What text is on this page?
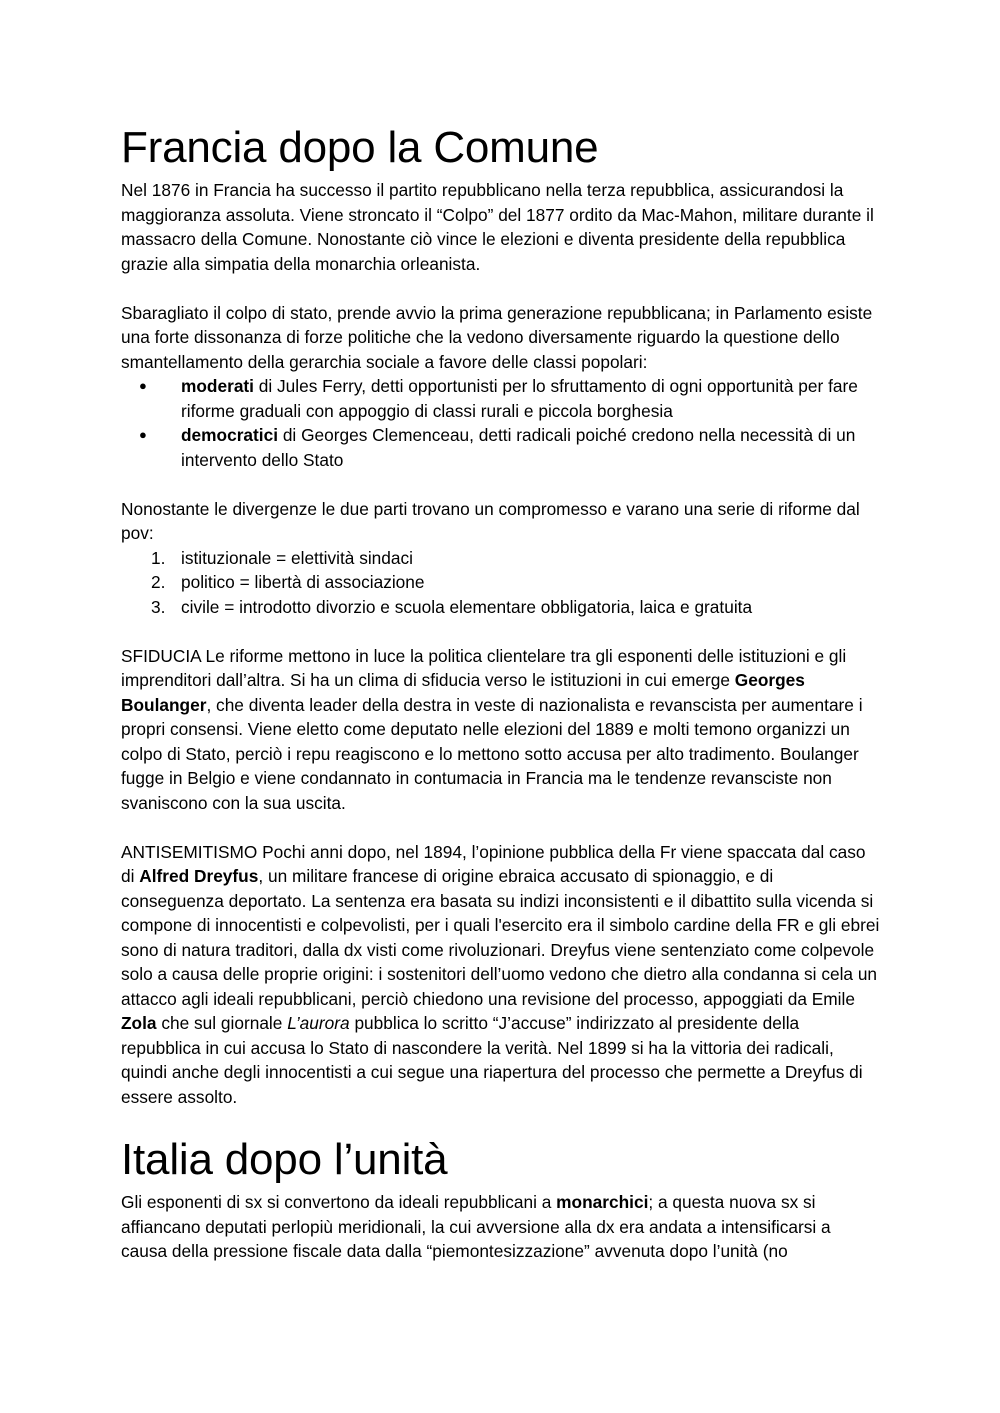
Francia dopo la Comune

Nel 1876 in Francia ha successo il partito repubblicano nella terza repubblica, assicurandosi la maggioranza assoluta. Viene stroncato il “Colpo” del 1877 ordito da Mac-Mahon, militare durante il massacro della Comune. Nonostante ciò vince le elezioni e diventa presidente della repubblica grazie alla simpatia della monarchia orleanista.

Sbaragliato il colpo di stato, prende avvio la prima generazione repubblicana; in Parlamento esiste una forte dissonanza di forze politiche che la vedono diversamente riguardo la questione dello smantellamento della gerarchia sociale a favore delle classi popolari:

● moderati di Jules Ferry, detti opportunisti per lo sfruttamento di ogni opportunità per fare riforme graduali con appoggio di classi rurali e piccola borghesia
● democratici di Georges Clemenceau, detti radicali poiché credono nella necessità di un intervento dello Stato

Nonostante le divergenze le due parti trovano un compromesso e varano una serie di riforme dal pov:

1. istituzionale = elettività sindaci
2. politico = libertà di associazione
3. civile = introdotto divorzio e scuola elementare obbligatoria, laica e gratuita

SFIDUCIA Le riforme mettono in luce la politica clientelare tra gli esponenti delle istituzioni e gli imprenditori dall’altra. Si ha un clima di sfiducia verso le istituzioni in cui emerge Georges Boulanger, che diventa leader della destra in veste di nazionalista e revanscista per aumentare i propri consensi. Viene eletto come deputato nelle elezioni del 1889 e molti temono organizzi un colpo di Stato, perciò i repu reagiscono e lo mettono sotto accusa per alto tradimento. Boulanger fugge in Belgio e viene condannato in contumacia in Francia ma le tendenze revansciste non svaniscono con la sua uscita.

ANTISEMITISMO Pochi anni dopo, nel 1894, l’opinione pubblica della Fr viene spaccata dal caso di Alfred Dreyfus, un militare francese di origine ebraica accusato di spionaggio, e di conseguenza deportato. La sentenza era basata su indizi inconsistenti e il dibattito sulla vicenda si compone di innocentisti e colpevolisti, per i quali l'esercito era il simbolo cardine della FR e gli ebrei sono di natura traditori, dalla dx visti come rivoluzionari. Dreyfus viene sentenziato come colpevole solo a causa delle proprie origini: i sostenitori dell’uomo vedono che dietro alla condanna si cela un attacco agli ideali repubblicani, perciò chiedono una revisione del processo, appoggiati da Emile Zola che sul giornale L’aurora pubblica lo scritto “J’accuse” indirizzato al presidente della repubblica in cui accusa lo Stato di nascondere la verità. Nel 1899 si ha la vittoria dei radicali, quindi anche degli innocentisti a cui segue una riapertura del processo che permette a Dreyfus di essere assolto.

Italia dopo l’unità

Gli esponenti di sx si convertono da ideali repubblicani a monarchici; a questa nuova sx si affiancano deputati perlopiù meridionali, la cui avversione alla dx era andata a intensificarsi a causa della pressione fiscale data dalla “piemontesizzazione” avvenuta dopo l’unità (no
